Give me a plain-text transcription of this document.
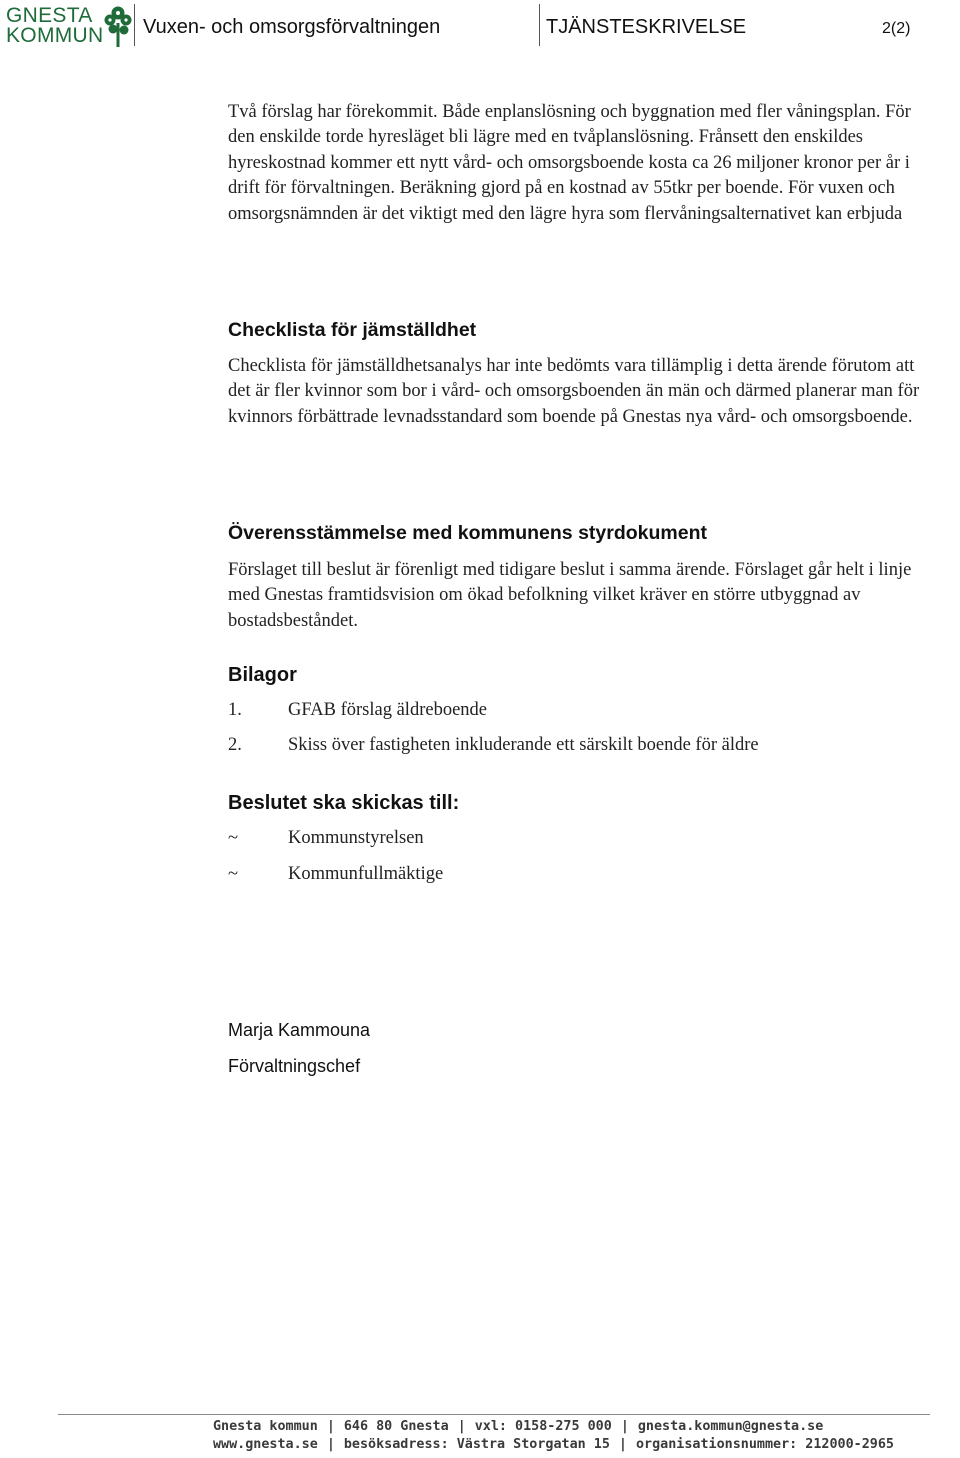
GNESTA
KOMMUN Vuxen- och omsorgsförvaltningen	TJÄNSTESKRIVELSE	2(2)

Två förslag har förekommit. Både enplanslösning och byggnation med fler våningsplan. För den enskilde torde hyresläget bli lägre med en tvåplanslösning. Frånsett den enskildes hyreskostnad kommer ett nytt vård- och omsorgsboende kosta ca 26 miljoner kronor per år i drift för förvaltningen. Beräkning gjord på en kostnad av 55tkr per boende. För vuxen och omsorgsnämnden är det viktigt med den lägre hyra som flervåningsalternativet kan erbjuda

Checklista för jämställdhet

Checklista för jämställdhetsanalys har inte bedömts vara tillämplig i detta ärende förutom att det är fler kvinnor som bor i vård- och omsorgsboenden än män och därmed planerar man för kvinnors förbättrade levnadsstandard som boende på Gnestas nya vård- och omsorgsboende.

Överensstämmelse med kommunens styrdokument

Förslaget till beslut är förenligt med tidigare beslut i samma ärende. Förslaget går helt i linje med Gnestas framtidsvision om ökad befolkning vilket kräver en större utbyggnad av bostadsbeståndet.

Bilagor
1. GFAB förslag äldreboende
2. Skiss över fastigheten inkluderande ett särskilt boende för äldre
Beslutet ska skickas till:
~	Kommunstyrelsen
~	Kommunfullmäktige
Marja Kammouna
Förvaltningschef
Gnesta kommun | 646 80 Gnesta | vxl: 0158-275 000 | gnesta.kommun@gnesta.se
www.gnesta.se | besöksadress: Västra Storgatan 15 | organisationsnummer: 212000-2965
